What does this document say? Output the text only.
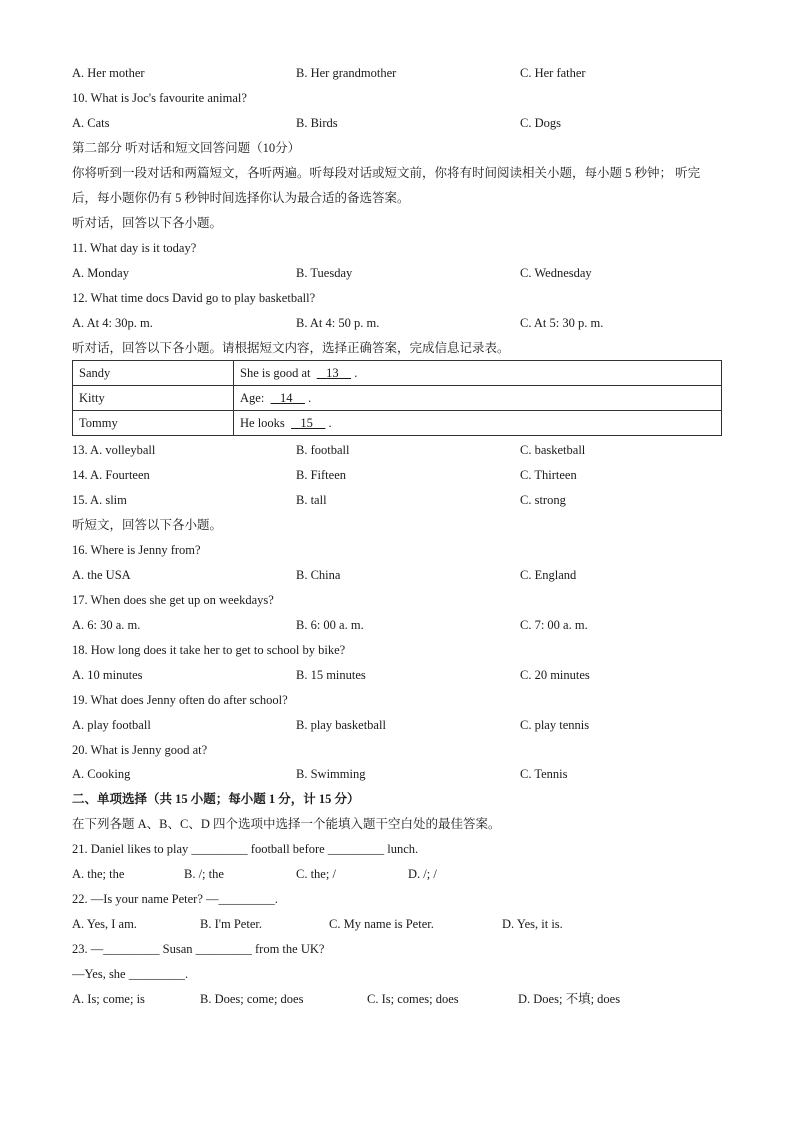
A. Her mother	B. Her grandmother	C. Her father
10. What is Joc's favourite animal?
A. Cats	B. Birds	C. Dogs
第二部分 听对话和短文回答问题（10分）
你将听到一段对话和两篇短文，各听两遍。听每段对话或短文前，你将有时间阅读相关小题，每小题 5 秒钟； 听完后，每小题你仍有 5 秒钟时间选择你认为最合适的备选答案。
听对话，回答以下各小题。
11. What day is it today?
A. Monday	B. Tuesday	C. Wednesday
12. What time docs David go to play basketball?
A. At 4: 30p. m.	B. At 4: 50 p. m.	C. At 5: 30 p. m.
听对话，回答以下各小题。请根据短文内容，选择正确答案，完成信息记录表。
Sandy	She is good at     13     .
Kitty	Age:     14     .
Tommy	He looks     15     .
13. A. volleyball	B. football	C. basketball
14. A. Fourteen	B. Fifteen	C. Thirteen
15. A. slim	B. tall	C. strong
听短文，回答以下各小题。
16. Where is Jenny from?
A. the USA	B. China	C. England
17. When does she get up on weekdays?
A. 6: 30 a. m.	B. 6: 00 a. m.	C. 7: 00 a. m.
18. How long does it take her to get to school by bike?
A. 10 minutes	B. 15 minutes	C. 20 minutes
19. What does Jenny often do after school?
A. play football	B. play basketball	C. play tennis
20. What is Jenny good at?
A. Cooking	B. Swimming	C. Tennis
二、单项选择（共 15 小题；每小题 1 分，计 15 分）
在下列各题 A、B、C、D 四个选项中选择一个能填入题干空白处的最佳答案。
21. Daniel likes to play _________ football before _________ lunch.
A. the; the	B. /; the	C. the; /	D. /; /
22. —Is your name Peter? —_________.
A. Yes, I am.	B. I'm Peter.	C. My name is Peter.	D. Yes, it is.
23. —_________ Susan _________ from the UK?
—Yes, she _________.
A. Is; come; is	B. Does; come; does	C. Is; comes; does	D. Does; 不填; does
